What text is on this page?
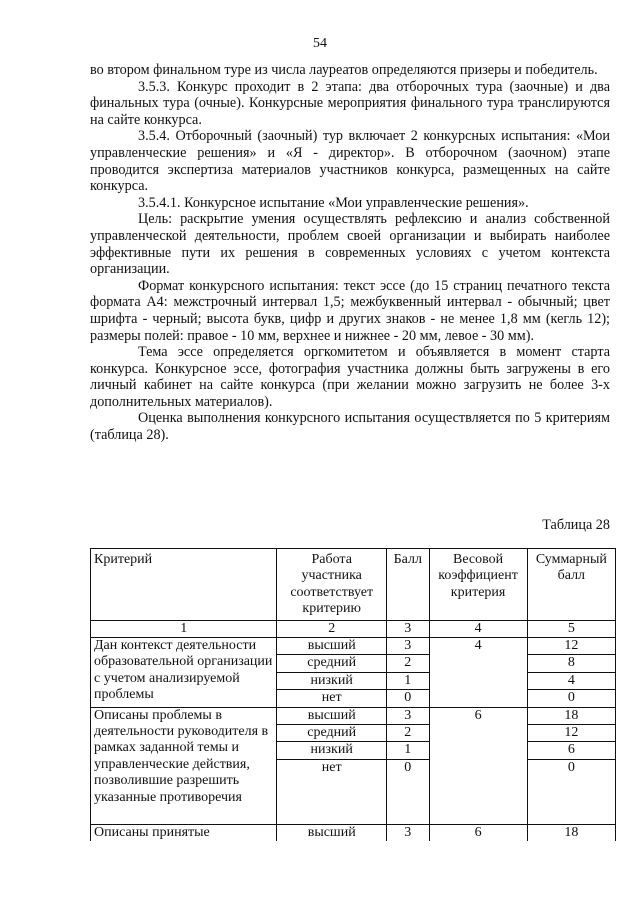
54

во втором финальном туре из числа лауреатов определяются призеры и победитель.

3.5.3. Конкурс проходит в 2 этапа: два отборочных тура (заочные) и два финальных тура (очные). Конкурсные мероприятия финального тура транслируются на сайте конкурса.

3.5.4. Отборочный (заочный) тур включает 2 конкурсных испытания: «Мои управленческие решения» и «Я - директор». В отборочном (заочном) этапе проводится экспертиза материалов участников конкурса, размещенных на сайте конкурса.

3.5.4.1. Конкурсное испытание «Мои управленческие решения».

Цель: раскрытие умения осуществлять рефлексию и анализ собственной управленческой деятельности, проблем своей организации и выбирать наиболее эффективные пути их решения в современных условиях с учетом контекста организации.

Формат конкурсного испытания: текст эссе (до 15 страниц печатного текста формата А4: межстрочный интервал 1,5; межбуквенный интервал - обычный; цвет шрифта - черный; высота букв, цифр и других знаков - не менее 1,8 мм (кегль 12); размеры полей: правое - 10 мм, верхнее и нижнее - 20 мм, левое - 30 мм).

Тема эссе определяется оргкомитетом и объявляется в момент старта конкурса. Конкурсное эссе, фотография участника должны быть загружены в его личный кабинет на сайте конкурса (при желании можно загрузить не более 3-х дополнительных материалов).

Оценка выполнения конкурсного испытания осуществляется по 5 критериям (таблица 28).

Таблица 28
Критерий	Работа участника соответствует критерию	Балл	Весовой коэффициент критерия	Суммарный балл
1	2	3	4	5
Дан контекст деятельности образовательной организации с учетом анализируемой проблемы	высший	3	4	12
	средний	2		8
	низкий	1		4
	нет	0		0
Описаны проблемы в деятельности руководителя в рамках заданной темы и управленческие действия, позволившие разрешить указанные противоречия	высший	3	6	18
	средний	2		12
	низкий	1		6
	нет	0		0
Описаны принятые	высший	3	6	18
